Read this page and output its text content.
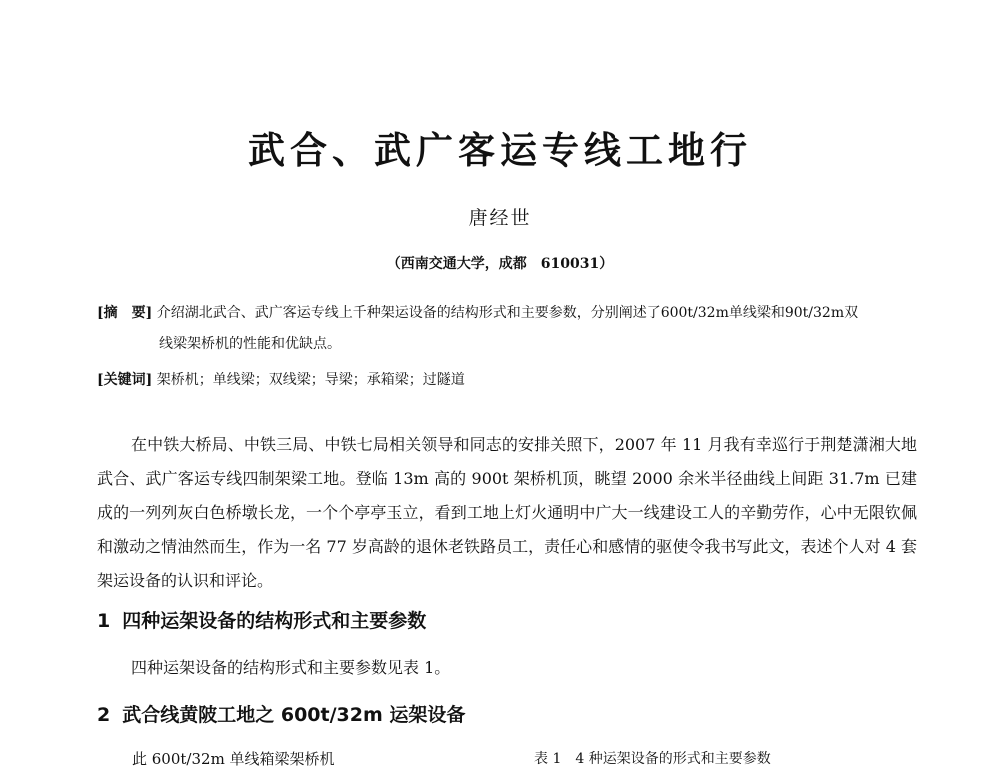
武合、武广客运专线工地行
唐经世
（西南交通大学，成都　610031）
[摘　要] 介绍湖北武合、武广客运专线上千种架运设备的结构形式和主要参数，分别阐述了600t/32m单线梁和90t/32m双
线梁架桥机的性能和优缺点。
[关键词] 架桥机；单线梁；双线梁；导梁；承箱梁；过隧道
在中铁大桥局、中铁三局、中铁七局相关领导和同志的安排关照下，2007 年 11 月我有幸巡行于荆楚潇湘大地武合、武广客运专线四制架梁工地。登临 13m 高的 900t 架桥机顶，眺望 2000 余米半径曲线上间距 31.7m 已建成的一列列灰白色桥墩长龙，一个个亭亭玉立，看到工地上灯火通明中广大一线建设工人的辛勤劳作，心中无限钦佩和激动之情油然而生，作为一名 77 岁高龄的退休老铁路员工，责任心和感情的驱使令我书写此文，表述个人对 4 套架运设备的认识和评论。
1 四种运架设备的结构形式和主要参数
四种运架设备的结构形式和主要参数见表 1。
2 武合线黄陂工地之 600t/32m 运架设备
此 600t/32m 单线箱梁架桥机	表 1　4 种运架设备的形式和主要参数
